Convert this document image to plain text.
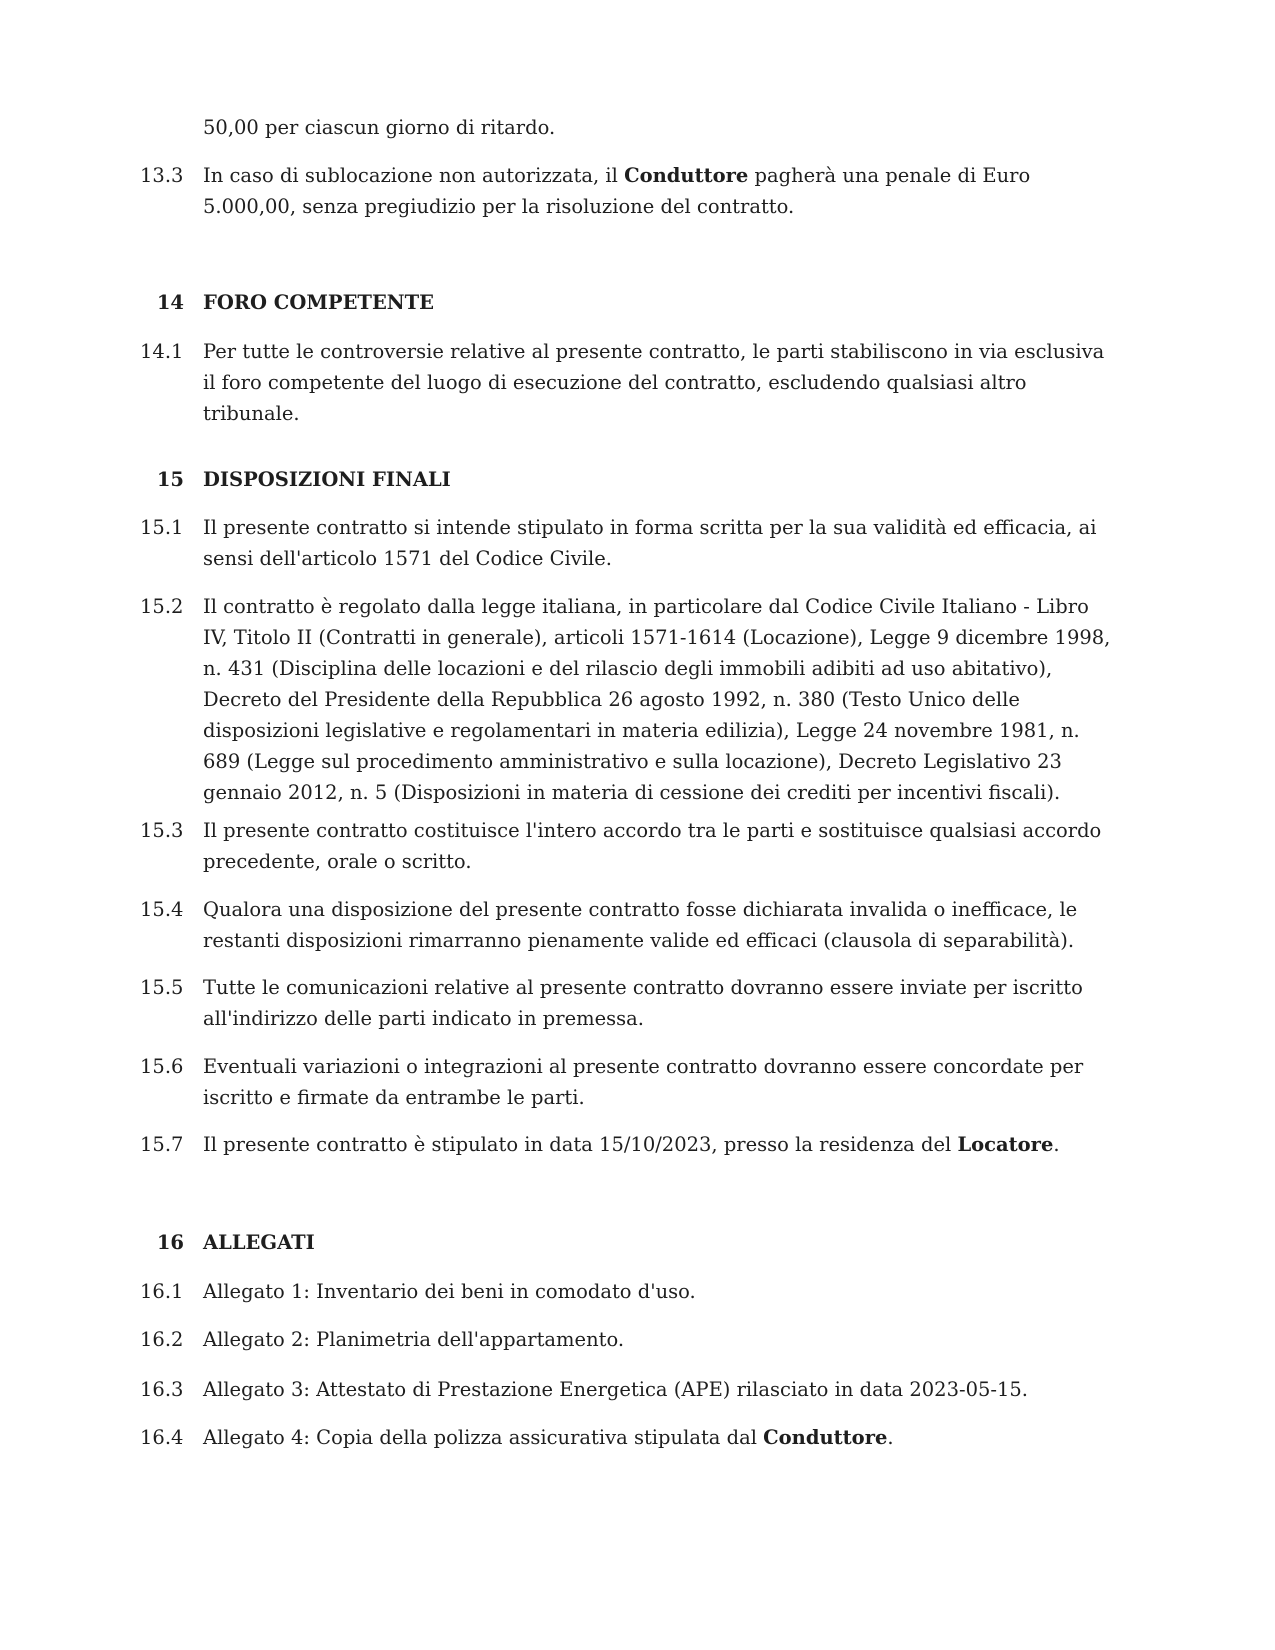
50,00 per ciascun giorno di ritardo.
13.3	In caso di sublocazione non autorizzata, il Conduttore pagherà una penale di Euro 5.000,00, senza pregiudizio per la risoluzione del contratto.
14 FORO COMPETENTE
14.1	Per tutte le controversie relative al presente contratto, le parti stabiliscono in via esclusiva il foro competente del luogo di esecuzione del contratto, escludendo qualsiasi altro tribunale.
15 DISPOSIZIONI FINALI
15.1	Il presente contratto si intende stipulato in forma scritta per la sua validità ed efficacia, ai sensi dell'articolo 1571 del Codice Civile.
15.2	Il contratto è regolato dalla legge italiana, in particolare dal Codice Civile Italiano - Libro IV, Titolo II (Contratti in generale), articoli 1571-1614 (Locazione), Legge 9 dicembre 1998, n. 431 (Disciplina delle locazioni e del rilascio degli immobili adibiti ad uso abitativo), Decreto del Presidente della Repubblica 26 agosto 1992, n. 380 (Testo Unico delle disposizioni legislative e regolamentari in materia edilizia), Legge 24 novembre 1981, n. 689 (Legge sul procedimento amministrativo e sulla locazione), Decreto Legislativo 23 gennaio 2012, n. 5 (Disposizioni in materia di cessione dei crediti per incentivi fiscali).
15.3	Il presente contratto costituisce l'intero accordo tra le parti e sostituisce qualsiasi accordo precedente, orale o scritto.
15.4	Qualora una disposizione del presente contratto fosse dichiarata invalida o inefficace, le restanti disposizioni rimarranno pienamente valide ed efficaci (clausola di separabilità).
15.5	Tutte le comunicazioni relative al presente contratto dovranno essere inviate per iscritto all'indirizzo delle parti indicato in premessa.
15.6	Eventuali variazioni o integrazioni al presente contratto dovranno essere concordate per iscritto e firmate da entrambe le parti.
15.7	Il presente contratto è stipulato in data 15/10/2023, presso la residenza del Locatore.
16 ALLEGATI
16.1	Allegato 1: Inventario dei beni in comodato d'uso.
16.2	Allegato 2: Planimetria dell'appartamento.
16.3	Allegato 3: Attestato di Prestazione Energetica (APE) rilasciato in data 2023-05-15.
16.4	Allegato 4: Copia della polizza assicurativa stipulata dal Conduttore.
